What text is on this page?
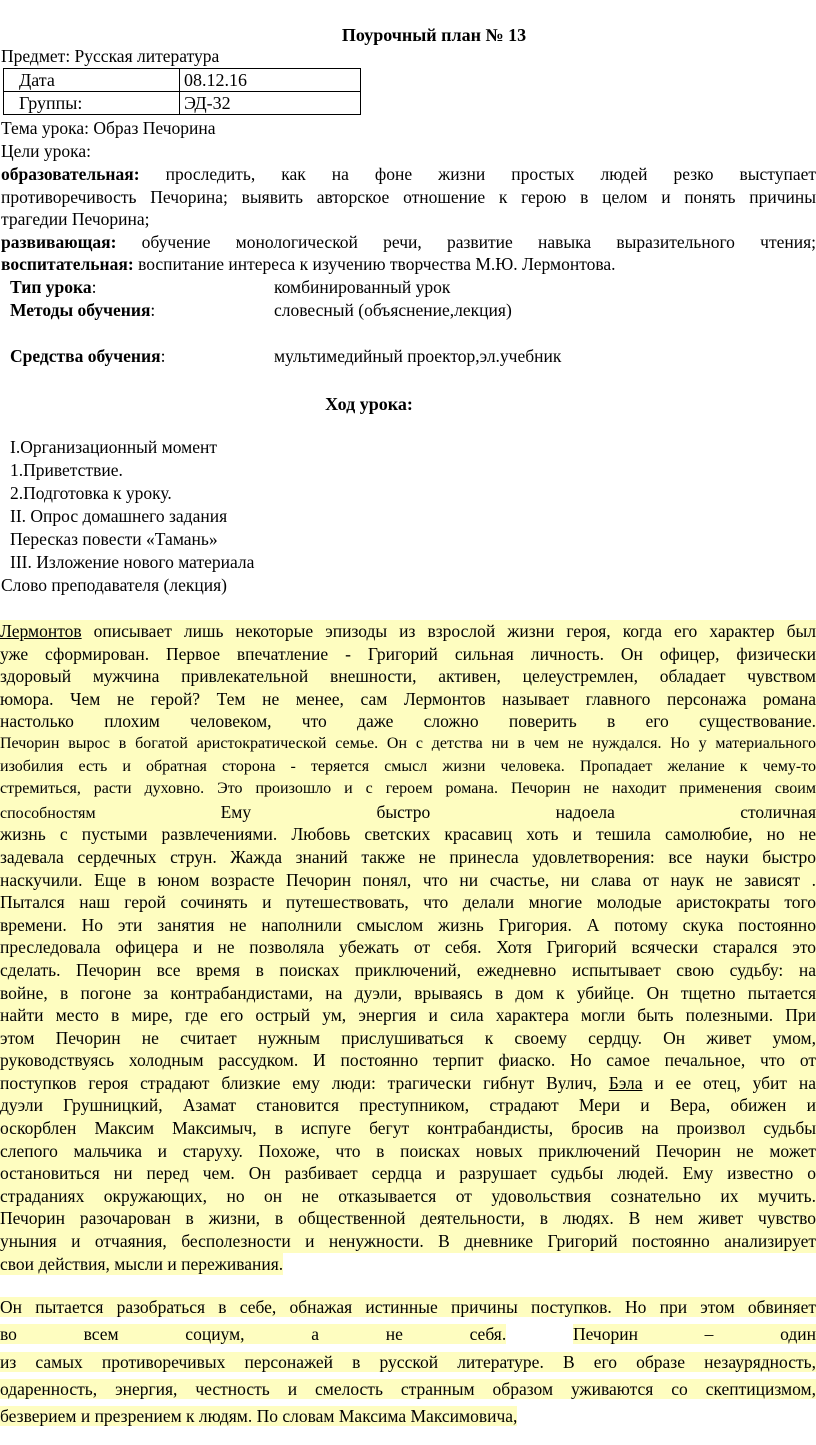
Поурочный план № 13
Предмет: Русская литература
Дата	08.12.16
Группы:	ЭД-32
Тема урока: Образ Печорина
Цели урока:
образовательная: проследить, как на фоне жизни простых людей резко выступает
противоречивость Печорина; выявить авторское отношение к герою в целом и понять причины
трагедии Печорина;
развивающая: обучение монологической речи, развитие навыка выразительного чтения;
воспитательная: воспитание интереса к изучению творчества М.Ю. Лермонтова.
Тип урока:	комбинированный урок
Методы обучения:	словесный (объяснение,лекция)
Средства обучения:	мультимедийный проектор,эл.учебник
Ход урока:
I.Организационный момент
1.Приветствие.
2.Подготовка к уроку.
II. Опрос домашнего задания
Пересказ повести «Тамань»
III. Изложение нового материала
Слово преподавателя (лекция)
Лермонтов описывает лишь некоторые эпизоды из взрослой жизни героя, когда его характер был
уже сформирован. Первое впечатление - Григорий сильная личность. Он офицер, физически
здоровый мужчина привлекательной внешности, активен, целеустремлен, обладает чувством
юмора. Чем не герой? Тем не менее, сам Лермонтов называет главного персонажа романа
настолько плохим человеком, что даже сложно поверить в его существование.
Печорин вырос в богатой аристократической семье. Он с детства ни в чем не нуждался. Но у материального
изобилия есть и обратная сторона - теряется смысл жизни человека. Пропадает желание к чему-то
стремиться, расти духовно. Это произошло и с героем романа. Печорин не находит применения своим
способностям	Ему быстро надоела столичная
жизнь с пустыми развлечениями. Любовь светских красавиц хоть и тешила самолюбие, но не
задевала сердечных струн. Жажда знаний также не принесла удовлетворения: все науки быстро
наскучили. Еще в юном возрасте Печорин понял, что ни счастье, ни слава от наук не зависят .
Пытался наш герой сочинять и путешествовать, что делали многие молодые аристократы того
времени. Но эти занятия не наполнили смыслом жизнь Григория. А потому скука постоянно
преследовала офицера и не позволяла убежать от себя. Хотя Григорий всячески старался это
сделать. Печорин все время в поисках приключений, ежедневно испытывает свою судьбу: на
войне, в погоне за контрабандистами, на дуэли, врываясь в дом к убийце. Он тщетно пытается
найти место в мире, где его острый ум, энергия и сила характера могли быть полезными. При
этом Печорин не считает нужным прислушиваться к своему сердцу. Он живет умом,
руководствуясь холодным рассудком. И постоянно терпит фиаско. Но самое печальное, что от
поступков героя страдают близкие ему люди: трагически гибнут Вулич, Бэла и ее отец, убит на
дуэли Грушницкий, Азамат становится преступником, страдают Мери и Вера, обижен и
оскорблен Максим Максимыч, в испуге бегут контрабандисты, бросив на произвол судьбы
слепого мальчика и старуху. Похоже, что в поисках новых приключений Печорин не может
остановиться ни перед чем. Он разбивает сердца и разрушает судьбы людей. Ему известно о
страданиях окружающих, но он не отказывается от удовольствия сознательно их мучить.
Печорин разочарован в жизни, в общественной деятельности, в людях. В нем живет чувство
уныния и отчаяния, бесполезности и ненужности. В дневнике Григорий постоянно анализирует
свои действия, мысли и переживания.
Он пытается разобраться в себе, обнажая истинные причины поступков. Но при этом обвиняет
во всем социум, а не себя.	Печорин – один
из самых противоречивых персонажей в русской литературе. В его образе незаурядность,
одаренность, энергия, честность и смелость странным образом уживаются со скептицизмом,
безверием и презрением к людям. По словам Максима Максимовича,
